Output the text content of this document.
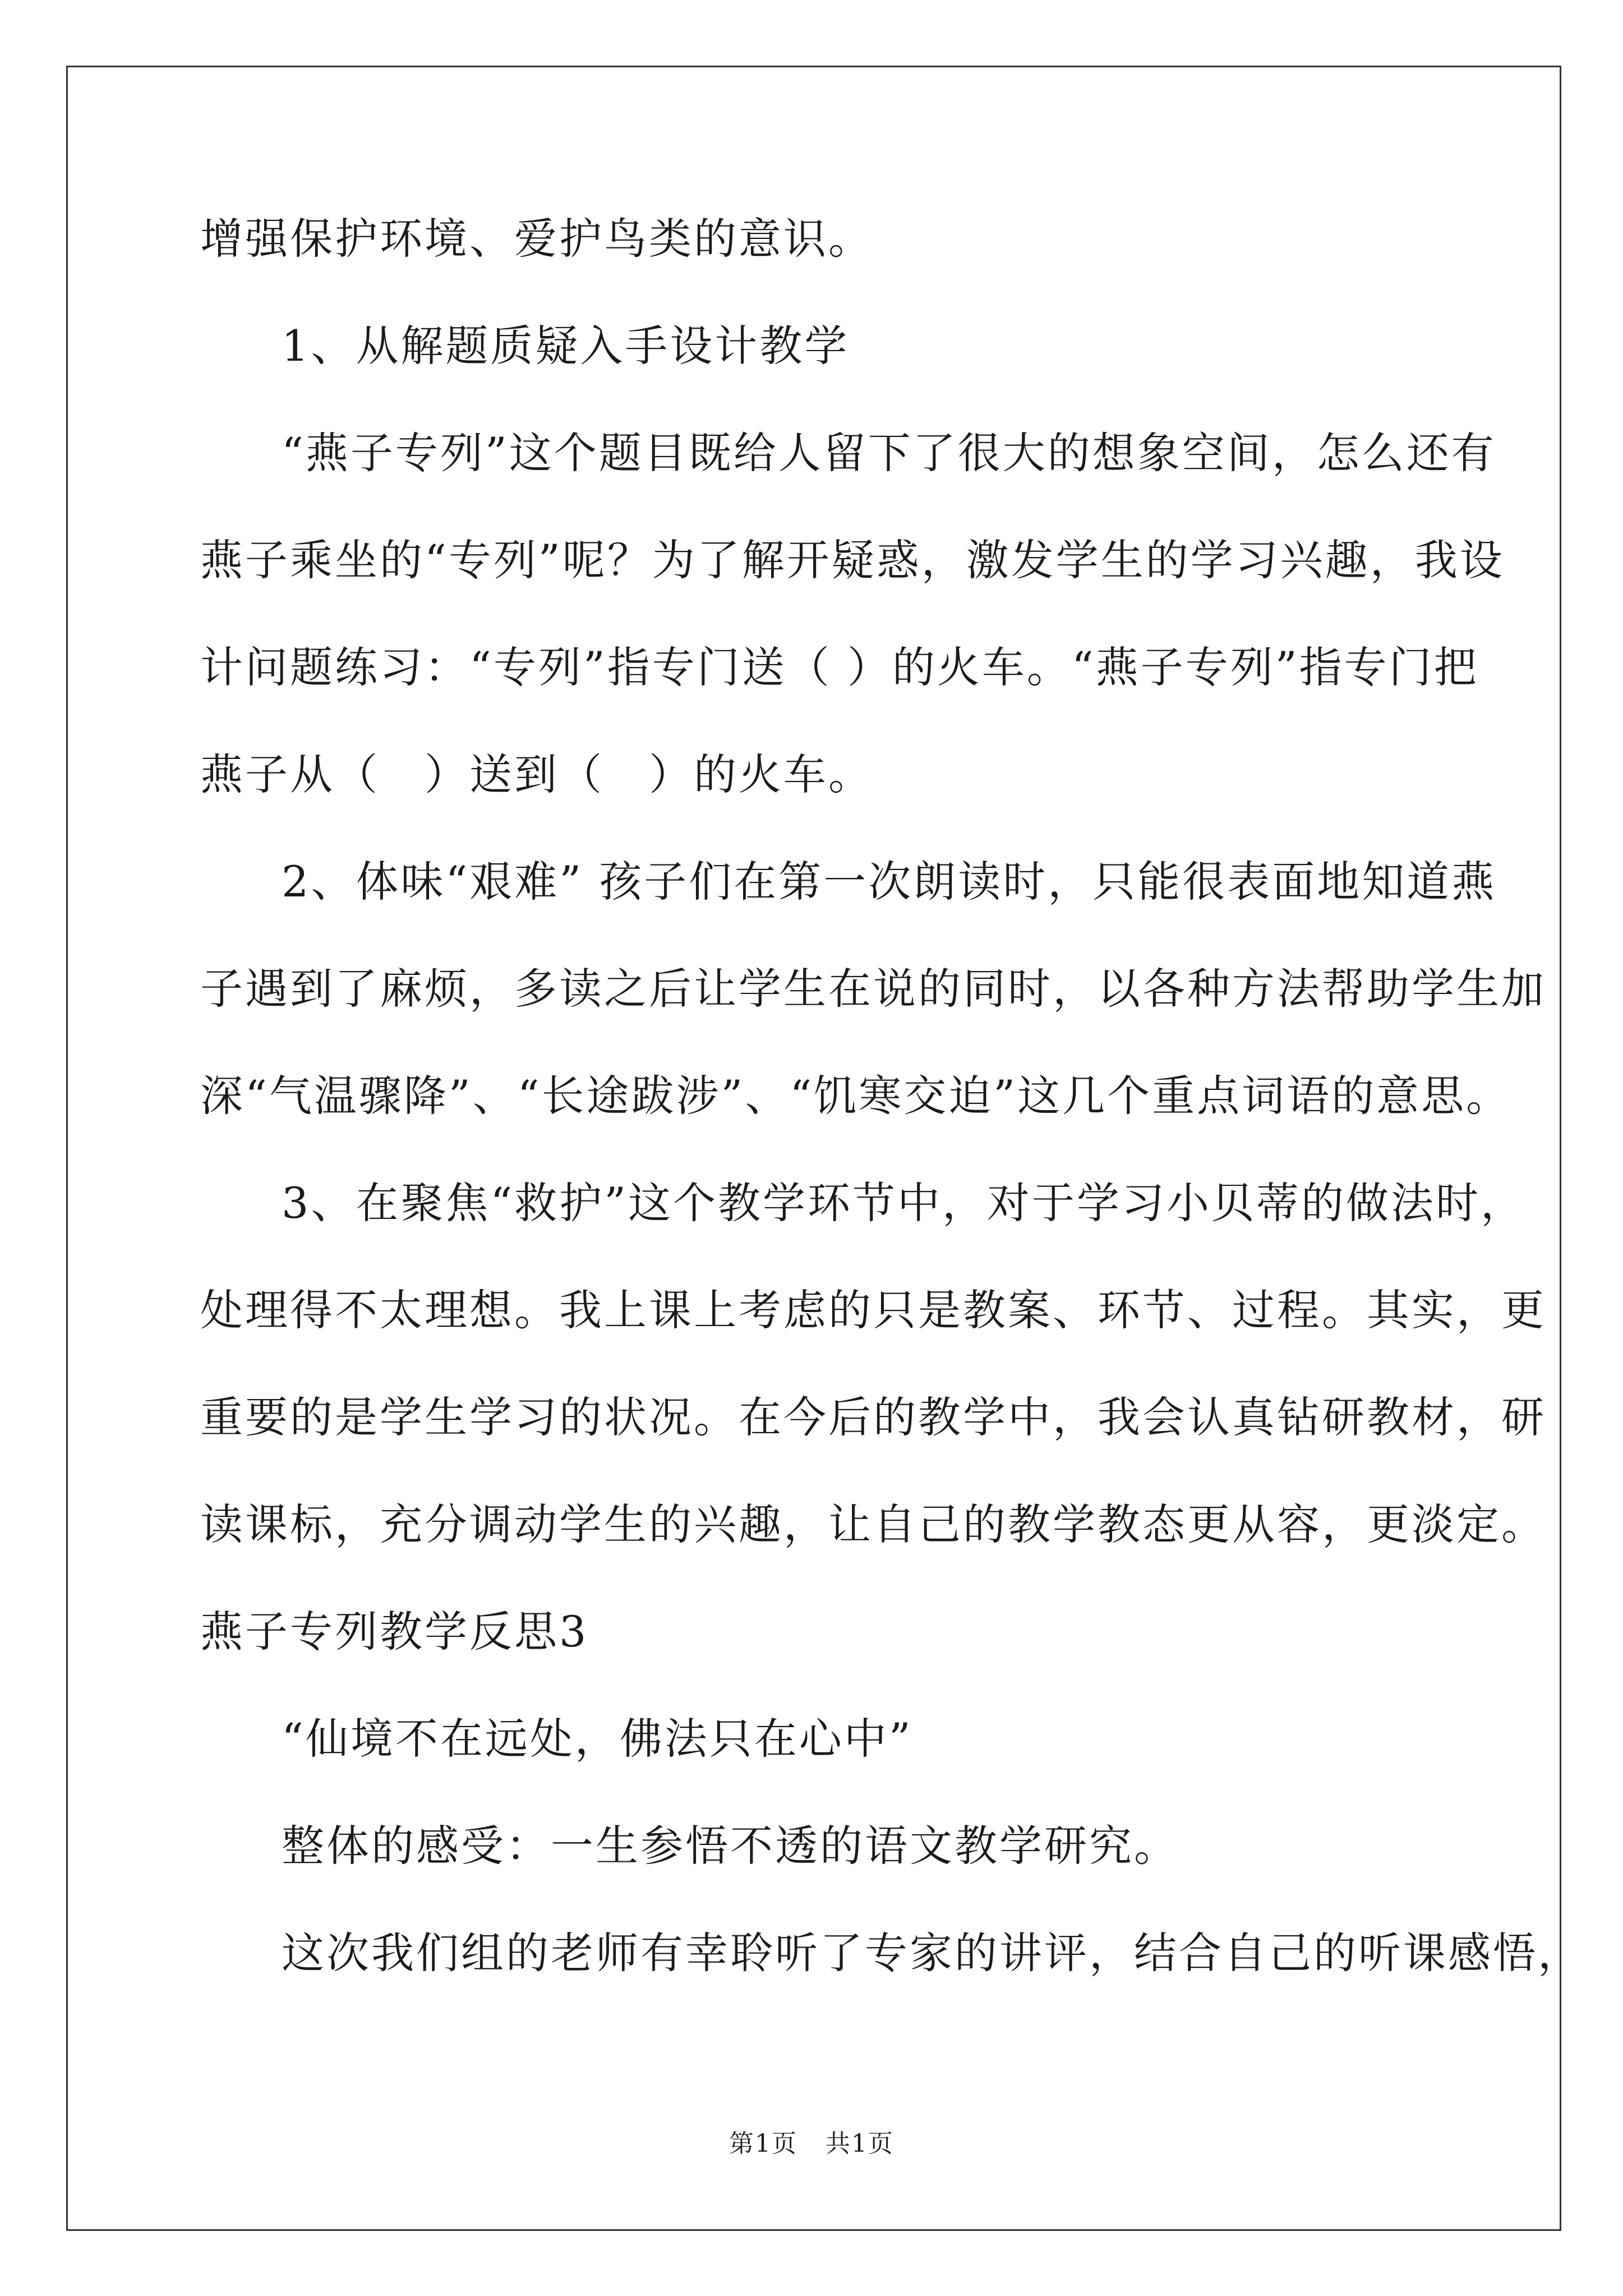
增强保护环境、爱护鸟类的意识。
1、从解题质疑入手设计教学
“燕子专列”这个题目既给人留下了很大的想象空间，怎么还有
燕子乘坐的“专列”呢？为了解开疑惑，激发学生的学习兴趣，我设
计问题练习：“专列”指专门送（ ）的火车。“燕子专列”指专门把
燕子从（　）送到（　）的火车。
2、体味“艰难” 孩子们在第一次朗读时，只能很表面地知道燕
子遇到了麻烦，多读之后让学生在说的同时，以各种方法帮助学生加
深“气温骤降”、“长途跋涉”、“饥寒交迫”这几个重点词语的意思。
3、在聚焦“救护”这个教学环节中，对于学习小贝蒂的做法时，
处理得不太理想。我上课上考虑的只是教案、环节、过程。其实，更
重要的是学生学习的状况。在今后的教学中，我会认真钻研教材，研
读课标，充分调动学生的兴趣，让自己的教学教态更从容，更淡定。
燕子专列教学反思3
“仙境不在远处，佛法只在心中”
整体的感受：一生参悟不透的语文教学研究。
这次我们组的老师有幸聆听了专家的讲评，结合自己的听课感悟，
第1页 共1页
